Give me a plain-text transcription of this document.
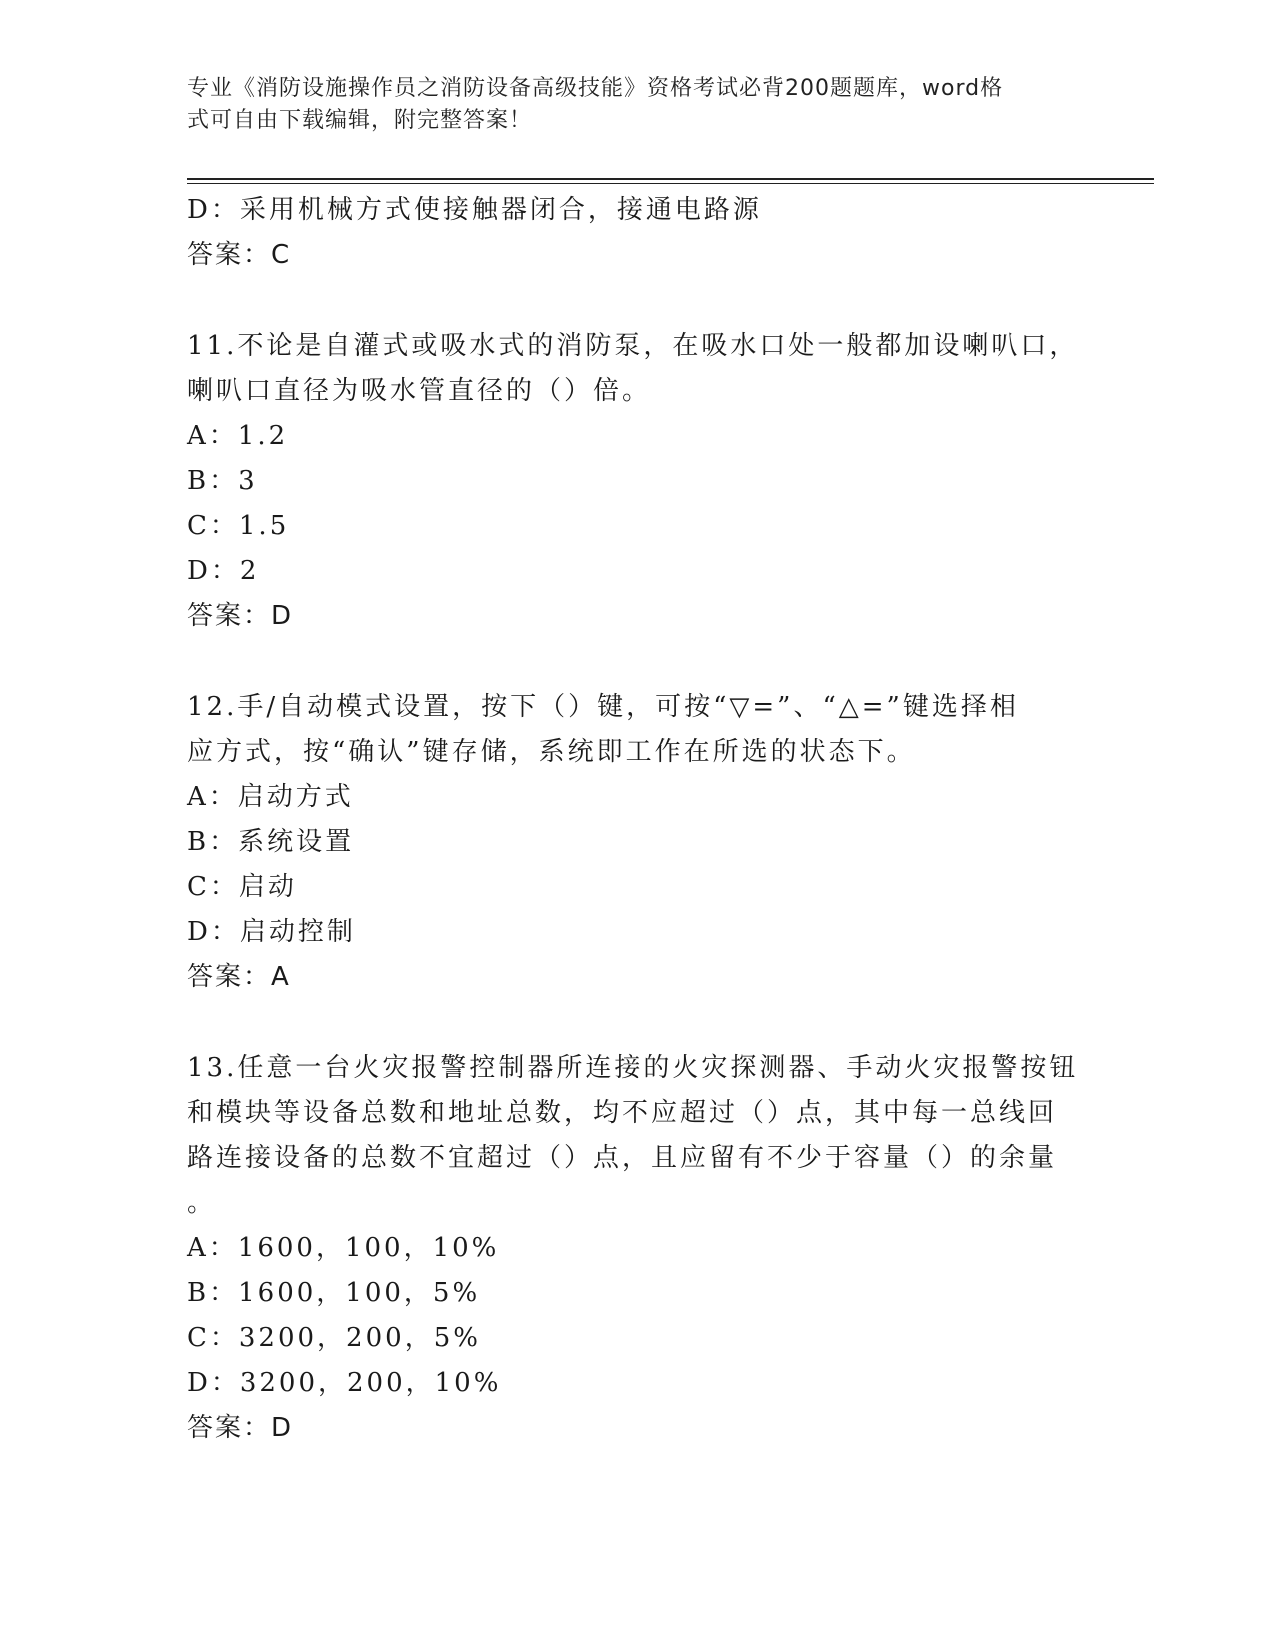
专业《消防设施操作员之消防设备高级技能》资格考试必背200题题库，word格
式可自由下载编辑，附完整答案！
D：采用机械方式使接触器闭合，接通电路源
答案：C
11.不论是自灌式或吸水式的消防泵，在吸水口处一般都加设喇叭口，
喇叭口直径为吸水管直径的（）倍。
A：1.2
B：3
C：1.5
D：2
答案：D
12.手/自动模式设置，按下（）键，可按“▽=”、“△=”键选择相
应方式，按“确认”键存储，系统即工作在所选的状态下。
A：启动方式
B：系统设置
C：启动
D：启动控制
答案：A
13.任意一台火灾报警控制器所连接的火灾探测器、手动火灾报警按钮
和模块等设备总数和地址总数，均不应超过（）点，其中每一总线回
路连接设备的总数不宜超过（）点，且应留有不少于容量（）的余量
。
A：1600，100，10%
B：1600，100，5%
C：3200，200，5%
D：3200，200，10%
答案：D
